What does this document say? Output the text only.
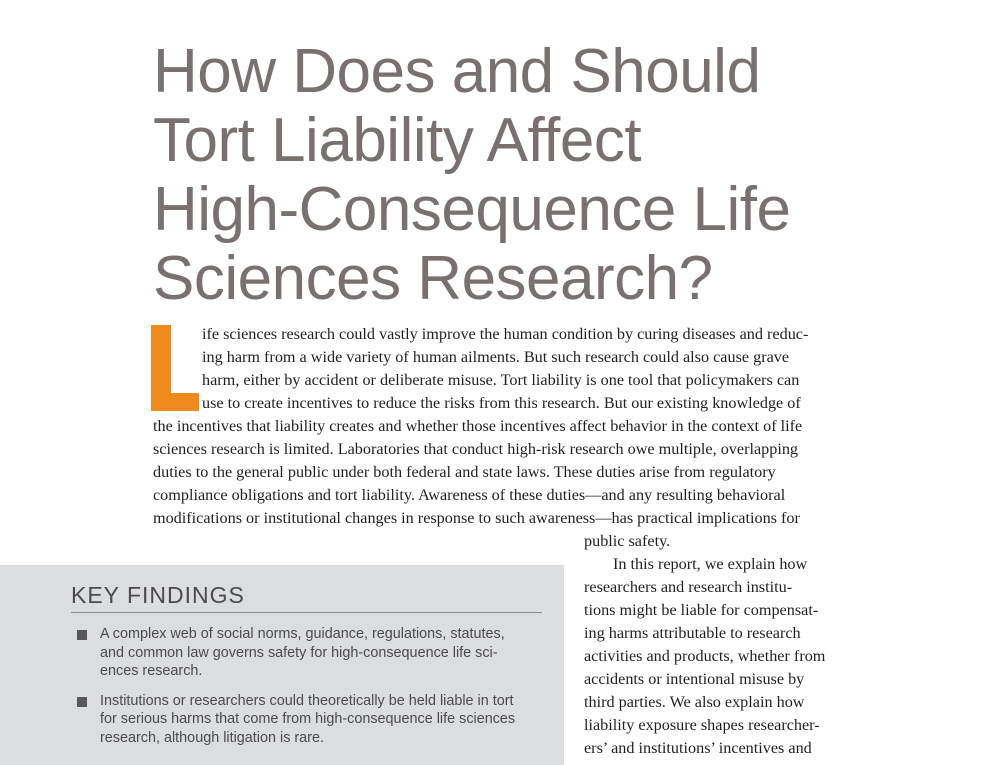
How Does and Should
Tort Liability Affect
High-Consequence Life
Sciences Research?
ife sciences research could vastly improve the human condition by curing diseases and reduc-
ing harm from a wide variety of human ailments. But such research could also cause grave
harm, either by accident or deliberate misuse. Tort liability is one tool that policymakers can
use to create incentives to reduce the risks from this research. But our existing knowledge of
the incentives that liability creates and whether those incentives affect behavior in the context of life
sciences research is limited. Laboratories that conduct high-risk research owe multiple, overlapping
duties to the general public under both federal and state laws. These duties arise from regulatory
compliance obligations and tort liability. Awareness of these duties—and any resulting behavioral
modifications or institutional changes in response to such awareness—has practical implications for
public safety.
In this report, we explain how
researchers and research institu-
tions might be liable for compensat-
ing harms attributable to research
activities and products, whether from
accidents or intentional misuse by
third parties. We also explain how
liability exposure shapes researcher-
ers’ and institutions’ incentives and
KEY FINDINGS
A complex web of social norms, guidance, regulations, statutes,
and common law governs safety for high-consequence life sci-
ences research.
Institutions or researchers could theoretically be held liable in tort
for serious harms that come from high-consequence life sciences
research, although litigation is rare.
